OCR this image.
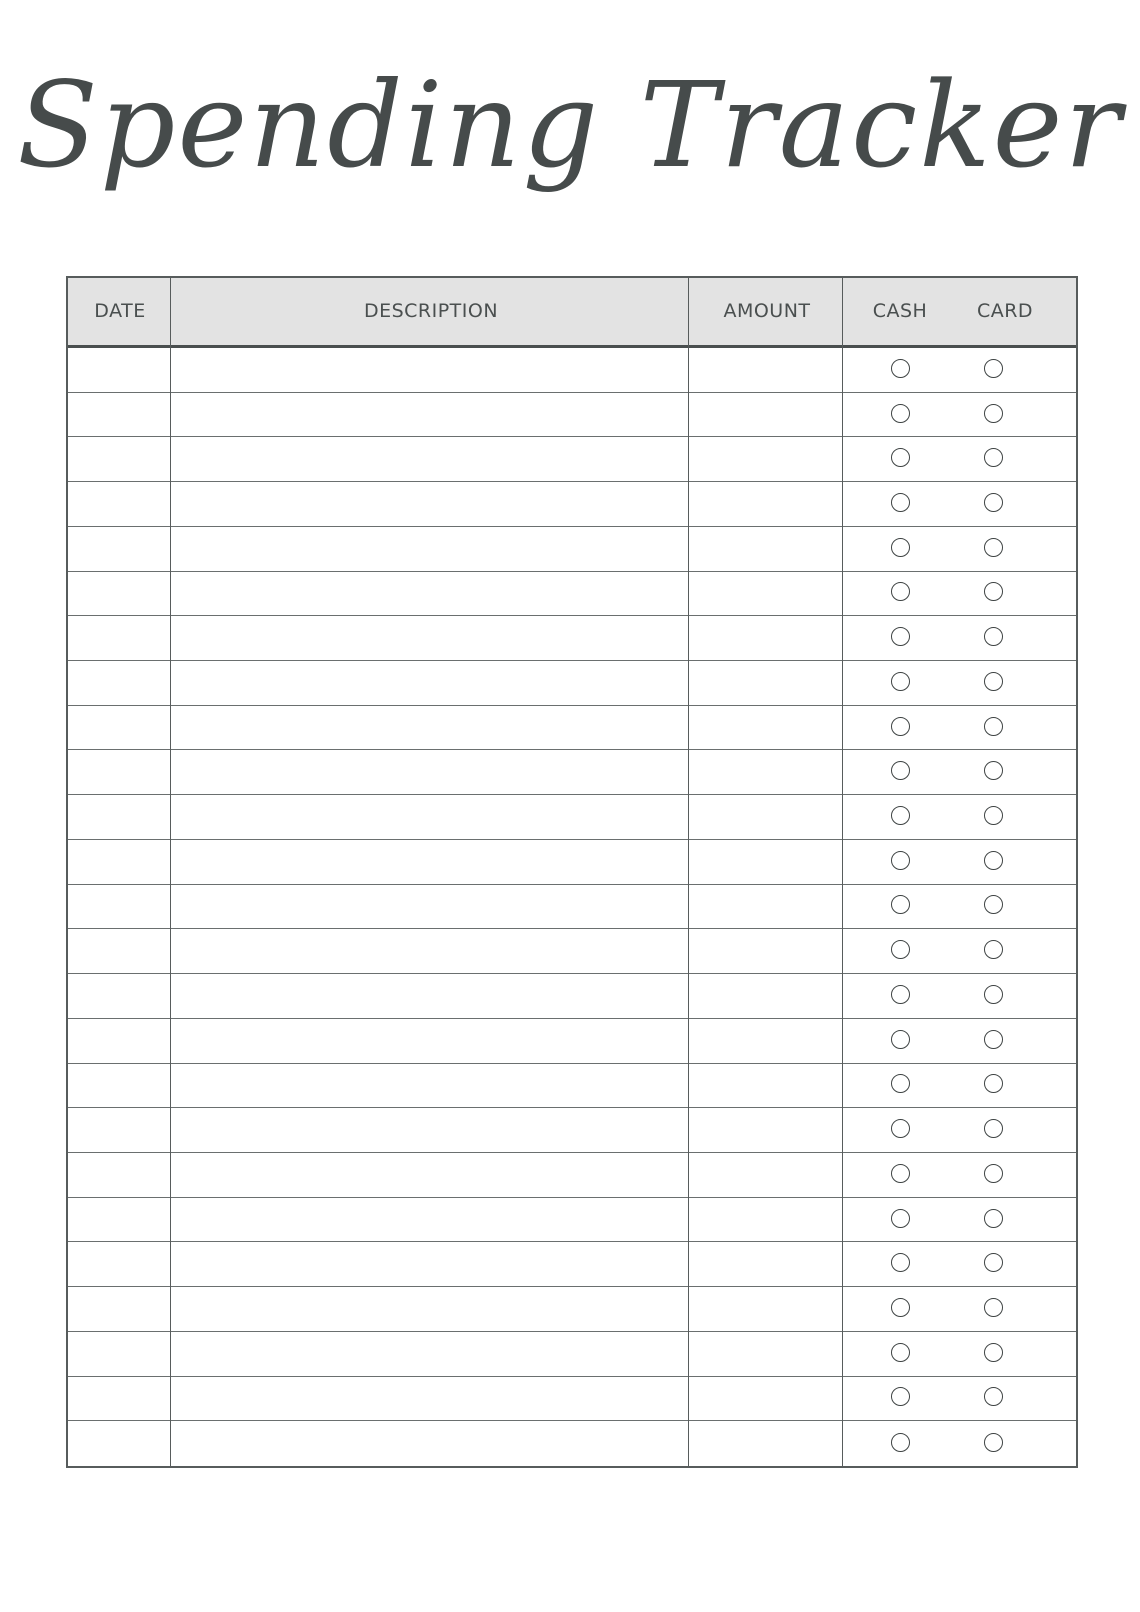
Spending Tracker
DATE	DESCRIPTION	AMOUNT	CASH	CARD
